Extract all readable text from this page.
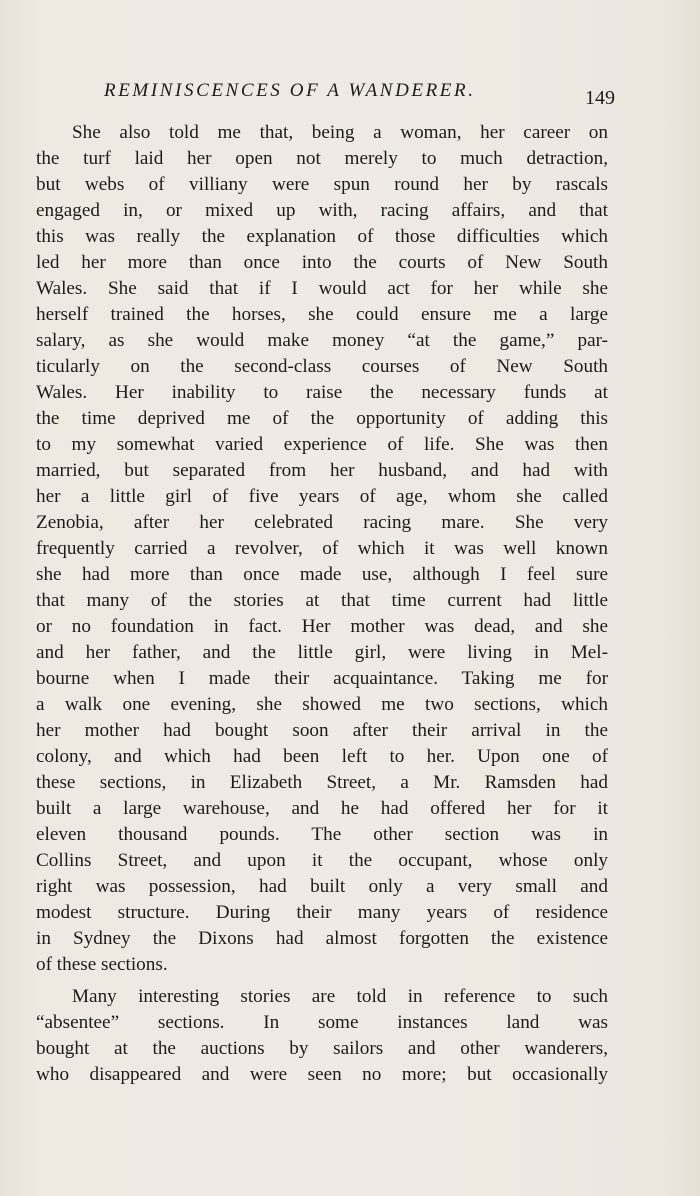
REMINISCENCES OF A WANDERER.	149
She also told me that, being a woman, her career on
the turf laid her open not merely to much detraction,
but webs of villiany were spun round her by rascals
engaged in, or mixed up with, racing affairs, and that
this was really the explanation of those difficulties which
led her more than once into the courts of New South
Wales. She said that if I would act for her while she
herself trained the horses, she could ensure me a large
salary, as she would make money “at the game,” par-
ticularly on the second-class courses of New South
Wales. Her inability to raise the necessary funds at
the time deprived me of the opportunity of adding this
to my somewhat varied experience of life. She was then
married, but separated from her husband, and had with
her a little girl of five years of age, whom she called
Zenobia, after her celebrated racing mare. She very
frequently carried a revolver, of which it was well known
she had more than once made use, although I feel sure
that many of the stories at that time current had little
or no foundation in fact. Her mother was dead, and she
and her father, and the little girl, were living in Mel-
bourne when I made their acquaintance. Taking me for
a walk one evening, she showed me two sections, which
her mother had bought soon after their arrival in the
colony, and which had been left to her. Upon one of
these sections, in Elizabeth Street, a Mr. Ramsden had
built a large warehouse, and he had offered her for it
eleven thousand pounds. The other section was in
Collins Street, and upon it the occupant, whose only
right was possession, had built only a very small and
modest structure. During their many years of residence
in Sydney the Dixons had almost forgotten the existence
of these sections.
Many interesting stories are told in reference to such
“absentee” sections. In some instances land was
bought at the auctions by sailors and other wanderers,
who disappeared and were seen no more; but occasionally
